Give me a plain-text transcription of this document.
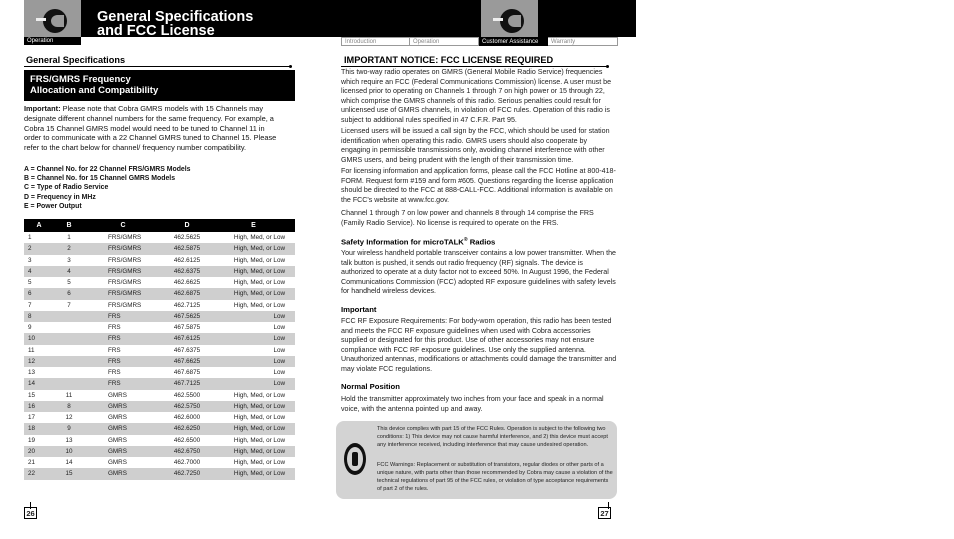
General Specifications
and FCC License
Operation	Introduction	Operation	Customer Assistance	Warranty
General Specifications
FRS/GMRS Frequency
Allocation and Compatibility
Important: Please note that Cobra GMRS models with 15 Channels may designate different channel numbers for the same frequency. For example, a Cobra 15 Channel GMRS model would need to be tuned to Channel 11 in order to communicate with a 22 Channel GMRS tuned to Channel 15. Please refer to the chart below for channel/ frequency number compatibility.
A = Channel No. for 22 Channel FRS/GMRS Models
B = Channel No. for 15 Channel GMRS Models
C = Type of Radio Service
D = Frequency in MHz
E = Power Output
A	B	C	D	E
1	1	FRS/GMRS	462.5625	High, Med, or Low
2	2	FRS/GMRS	462.5875	High, Med, or Low
3	3	FRS/GMRS	462.6125	High, Med, or Low
4	4	FRS/GMRS	462.6375	High, Med, or Low
5	5	FRS/GMRS	462.6625	High, Med, or Low
6	6	FRS/GMRS	462.6875	High, Med, or Low
7	7	FRS/GMRS	462.7125	High, Med, or Low
8		FRS	467.5625	Low
9		FRS	467.5875	Low
10		FRS	467.6125	Low
11		FRS	467.6375	Low
12		FRS	467.6625	Low
13		FRS	467.6875	Low
14		FRS	467.7125	Low
15	11	GMRS	462.5500	High, Med, or Low
16	8	GMRS	462.5750	High, Med, or Low
17	12	GMRS	462.6000	High, Med, or Low
18	9	GMRS	462.6250	High, Med, or Low
19	13	GMRS	462.6500	High, Med, or Low
20	10	GMRS	462.6750	High, Med, or Low
21	14	GMRS	462.7000	High, Med, or Low
22	15	GMRS	462.7250	High, Med, or Low
26
IMPORTANT NOTICE: FCC LICENSE REQUIRED
This two-way radio operates on GMRS (General Mobile Radio Service) frequencies which require an FCC (Federal Communications Commission) license. A user must be licensed prior to operating on Channels 1 through 7 on high power or 15 through 22, which comprise the GMRS channels of this radio. Serious penalties could result for unlicensed use of GMRS channels, in violation of FCC rules. Operation of this radio is subject to additional rules specified in 47 C.F.R. Part 95.
Licensed users will be issued a call sign by the FCC, which should be used for station identification when operating this radio. GMRS users should also cooperate by engaging in permissible transmissions only, avoiding channel interference with other GMRS users, and being prudent with the length of their transmission time.
For licensing information and application forms, please call the FCC Hotline at 800-418-FORM. Request form #159 and form #605. Questions regarding the license application should be directed to the FCC at 888-CALL-FCC. Additional information is available on the FCC's website at www.fcc.gov.
Channel 1 through 7 on low power and channels 8 through 14 comprise the FRS (Family Radio Service). No license is required to operate on the FRS.
Safety Information for microTALK® Radios
Your wireless handheld portable transceiver contains a low power transmitter. When the talk button is pushed, it sends out radio frequency (RF) signals. The device is authorized to operate at a duty factor not to exceed 50%. In August 1996, the Federal Communications Commission (FCC) adopted RF exposure guidelines with safety levels for handheld wireless devices.
Important
FCC RF Exposure Requirements: For body-worn operation, this radio has been tested and meets the FCC RF exposure guidelines when used with Cobra accessories supplied or designated for this product. Use of other accessories may not ensure compliance with FCC RF exposure guidelines. Use only the supplied antenna. Unauthorized antennas, modifications or attachments could damage the transmitter and may violate FCC regulations.
Normal Position
Hold the transmitter approximately two inches from your face and speak in a normal voice, with the antenna pointed up and away.
This device complies with part 15 of the FCC Rules. Operation is subject to the following two conditions: 1) This device may not cause harmful interference, and 2) this device must accept any interference received, including interference that may cause undesired operation.
FCC Warnings: Replacement or substitution of transistors, regular diodes or other parts of a unique nature, with parts other than those recommended by Cobra may cause a violation of the technical regulations of part 95 of the FCC rules, or violation of type acceptance requirements of part 2 of the rules.
27
